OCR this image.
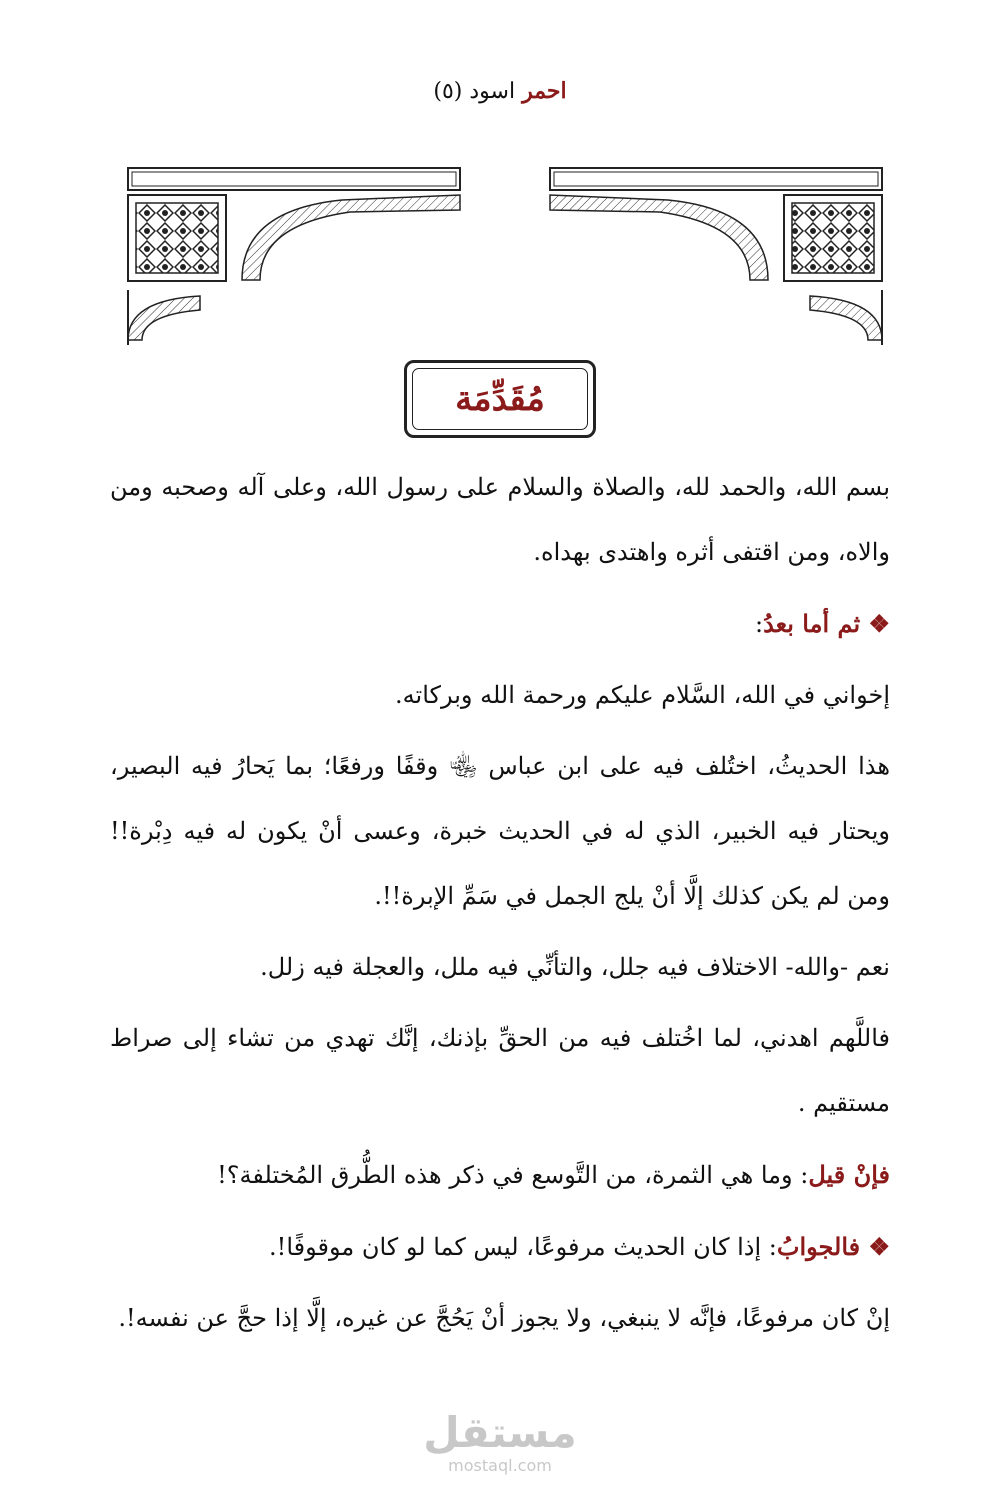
احمر اسود (٥)
مُقَدِّمَة

بسم الله، والحمد لله، والصلاة والسلام على رسول الله، وعلى آله وصحبه ومن والاه، ومن اقتفى أثره واهتدى بهداه.

❖ ثم أما بعدُ:

إخواني في الله، السَّلام عليكم ورحمة الله وبركاته.

هذا الحديثُ، اختُلف فيه على ابن عباس ﵄ وقفًا ورفعًا؛ بما يَحارُ فيه البصير، ويحتار فيه الخبير، الذي له في الحديث خبرة، وعسى أنْ يكون له فيه دِبْرة!! ومن لم يكن كذلك إلَّا أنْ يلج الجمل في سَمِّ الإبرة!!.

نعم -والله- الاختلاف فيه جلل، والتأنِّي فيه ملل، والعجلة فيه زلل.

فاللَّهم اهدني، لما اخُتلف فيه من الحقِّ بإذنك، إنَّك تهدي من تشاء إلى صراط مستقيم .

فإنْ قيل: وما هي الثمرة، من التَّوسع في ذكر هذه الطُّرق المُختلفة؟!

❖ فالجوابُ: إذا كان الحديث مرفوعًا، ليس كما لو كان موقوفًا!.

إنْ كان مرفوعًا، فإنَّه لا ينبغي، ولا يجوز أنْ يَحُجَّ عن غيره، إلَّا إذا حجَّ عن نفسه!.

مستقل
mostaql.com
